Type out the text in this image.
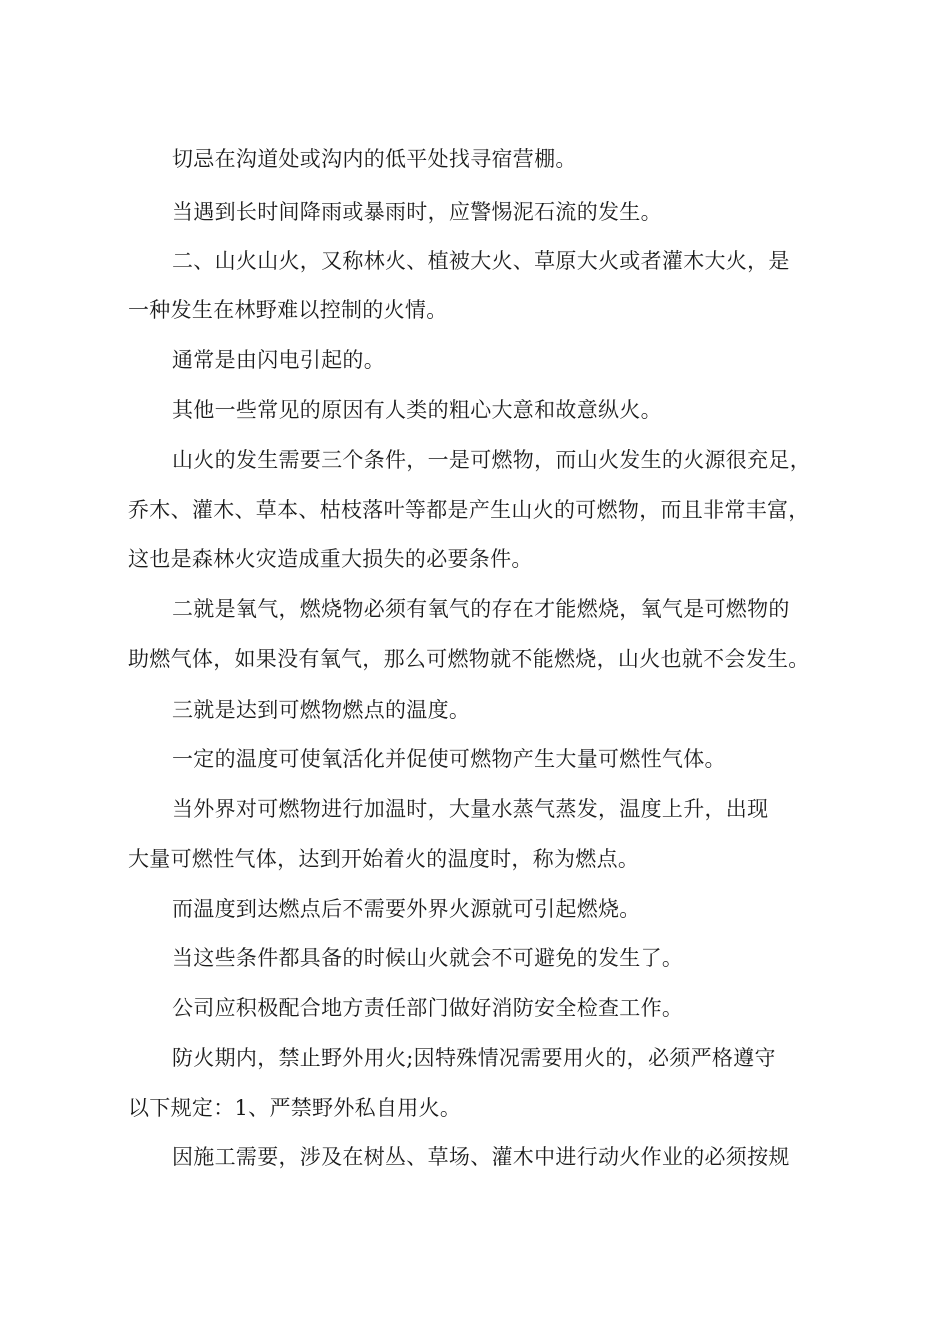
切忌在沟道处或沟内的低平处找寻宿营棚。
当遇到长时间降雨或暴雨时，应警惕泥石流的发生。
二、山火山火，又称林火、植被大火、草原大火或者灌木大火，是
一种发生在林野难以控制的火情。
通常是由闪电引起的。
其他一些常见的原因有人类的粗心大意和故意纵火。
山火的发生需要三个条件，一是可燃物，而山火发生的火源很充足，
乔木、灌木、草本、枯枝落叶等都是产生山火的可燃物，而且非常丰富，
这也是森林火灾造成重大损失的必要条件。
二就是氧气，燃烧物必须有氧气的存在才能燃烧，氧气是可燃物的
助燃气体，如果没有氧气，那么可燃物就不能燃烧，山火也就不会发生。
三就是达到可燃物燃点的温度。
一定的温度可使氧活化并促使可燃物产生大量可燃性气体。
当外界对可燃物进行加温时，大量水蒸气蒸发，温度上升，出现
大量可燃性气体，达到开始着火的温度时，称为燃点。
而温度到达燃点后不需要外界火源就可引起燃烧。
当这些条件都具备的时候山火就会不可避免的发生了。
公司应积极配合地方责任部门做好消防安全检查工作。
防火期内，禁止野外用火;因特殊情况需要用火的，必须严格遵守
以下规定：1、严禁野外私自用火。
因施工需要，涉及在树丛、草场、灌木中进行动火作业的必须按规
